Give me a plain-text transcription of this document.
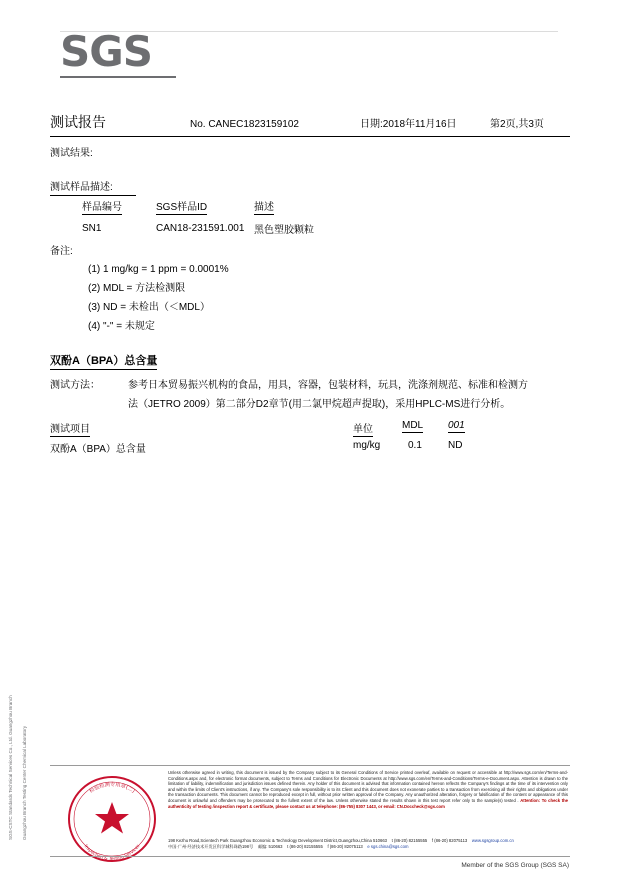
SGS
测试报告	No. CANEC1823159102	日期:2018年11月16日	第2页,共3页
测试结果:
测试样品描述:
样品编号	SGS样品ID	描述
SN1	CAN18-231591.001	黑色塑胶颗粒
备注:
(1) 1 mg/kg = 1 ppm = 0.0001%
(2) MDL = 方法检测限
(3) ND = 未检出（＜MDL）
(4) "-" = 未规定
双酚A（BPA）总含量
测试方法：	参考日本贸易振兴机构的食品，用具，容器，包装材料，玩具，洗涤剂规范、标准和检测方
法（JETRO 2009）第二部分D2章节(用二氯甲烷超声提取)，采用HPLC-MS进行分析。
测试项目	单位	MDL 001
双酚A（BPA）总含量	mg/kg	0.1	ND
检验检测专用章(二)
Inspection & Testing Services
SGS-CSTC Standards Technical Services Co., Ltd. Guangzhou Branch Guangzhou Branch Testing Center Chemical Laboratory	Unless otherwise agreed in writing, this document is issued by the Company subject to its General Conditions of Service printed overleaf, available on request or accessible at http://www.sgs.com/en/Terms-and-Conditions.aspx and, for electronic format documents, subject to Terms and Conditions for Electronic Documents at http://www.sgs.com/en/Terms-and-Conditions/Terms-e-Document.aspx. Attention is drawn to the limitation of liability, indemnification and jurisdiction issues defined therein. Any holder of this document is advised that information contained hereon reflects the Company's findings at the time of its intervention only and within the limits of Client's instructions, if any. The Company's sole responsibility is to its Client and this document does not exonerate parties to a transaction from exercising all their rights and obligations under the transaction documents. This document cannot be reproduced except in full, without prior written approval of the Company. Any unauthorized alteration, forgery or falsification of the content or appearance of this document is unlawful and offenders may be prosecuted to the fullest extent of the law. Unless otherwise stated the results shown in this test report refer only to the sample(s) tested . Attention: To check the authenticity of testing /inspection report & certificate, please contact us at telephone: (86-755) 8307 1443, or email: CN.Doccheck@sgs.com
198 Kezhu Road,Scientech Park Guangzhou Economic & Technology Development District,Guangzhou,China 510663 t (86-20) 82155555 f (86-20) 82075113 www.sgsgroup.com.cn
中国·广州·经济技术开发区科学城科珠路198号 邮编: 510663 t (86-20) 82155555 f (86-20) 82075113 e sgs.china@sgs.com
Member of the SGS Group (SGS SA)
